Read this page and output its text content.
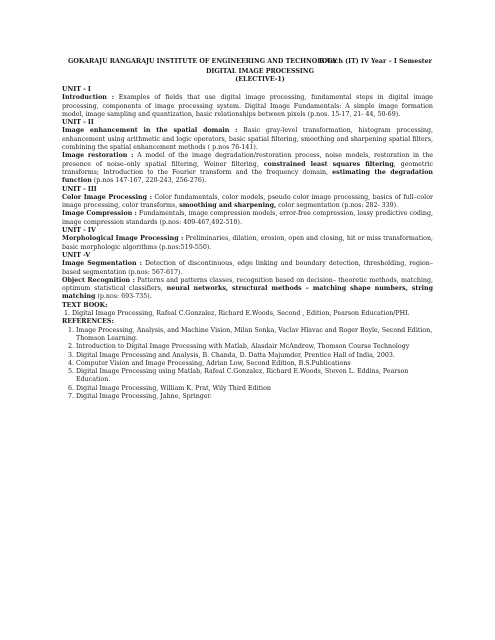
GOKARAJU RANGARAJU INSTITUTE OF ENGINEERING AND TECHNOLOGY
B.Tech (IT) IV Year – I Semester
DIGITAL IMAGE PROCESSING
(ELECTIVE-1)
UNIT - I

Introduction : Examples of fields that use digital image processing, fundamental steps in digital image processing, components of image processing system. Digital Image Fundamentals: A simple image formation model, image sampling and quantization, basic relationships between pixels (p.nos. 15-17, 21- 44, 50-69).

UNIT - II

Image enhancement in the spatial domain : Basic gray-level transformation, histogram processing, enhancement using arithmetic and logic operators, basic spatial filtering, smoothing and sharpening spatial filters, combining the spatial enhancement methods ( p.nos 76-141).

Image restoration : A model of the image degradation/restoration process, noise models, restoration in the presence of noise–only spatial filtering, Weiner filtering, constrained least squares filtering, geometric transforms; Introduction to the Fourier transform and the frequency domain, estimating the degradation function (p.nos 147-167, 220-243, 256-276).

UNIT - III

Color Image Processing : Color fundamentals, color models, pseudo color image processing, basics of full–color image processing, color transforms, smoothing and sharpening, color segmentation (p.nos: 282- 339).

Image Compression : Fundamentals, image compression models, error-free compression, lossy predictive coding, image compression standards (p.nos: 409-467,492-510).

UNIT - IV

Morphological Image Processing : Preliminaries, dilation, erosion, open and closing, hit or miss transformation, basic morphologic algorithms (p.nos:519-550).

UNIT -V

Image Segmentation : Detection of discontinuous, edge linking and boundary detection, thresholding, region–based segmentation (p.nos: 567-617).

Object Recognition : Patterns and patterns classes, recognition based on decision– theoretic methods, matching, optimum statistical classifiers, neural networks, structural methods – matching shape numbers, string matching (p.nos: 693-735).

TEXT BOOK:
1. Digital Image Processing, Rafeal C.Gonzalez, Richard E.Woods, Second , Edition, Pearson Education/PHI.
REFERENCES:
1. Image Processing, Analysis, and Machine Vision, Milan Sonka, Vaclav Hlavac and Roger Boyle, Second Edition, Thomson Learning.
2. Introduction to Digital Image Processing with Matlab, Alasdair McAndrew, Thomson Course Technology
3. Digital Image Processing and Analysis, B. Chanda, D. Datta Majumder, Prentice Hall of India, 2003.
4. Computer Vision and Image Processing, Adrian Low, Second Edition, B.S.Publications
5. Digital Image Processing using Matlab, Rafeal C.Gonzalez, Richard E.Woods, Steven L. Eddins, Pearson Education.
6. Digital Image Processing, William K. Prat, Wily Third Edition
7. Digital Image Processing, Jahne, Springer.
